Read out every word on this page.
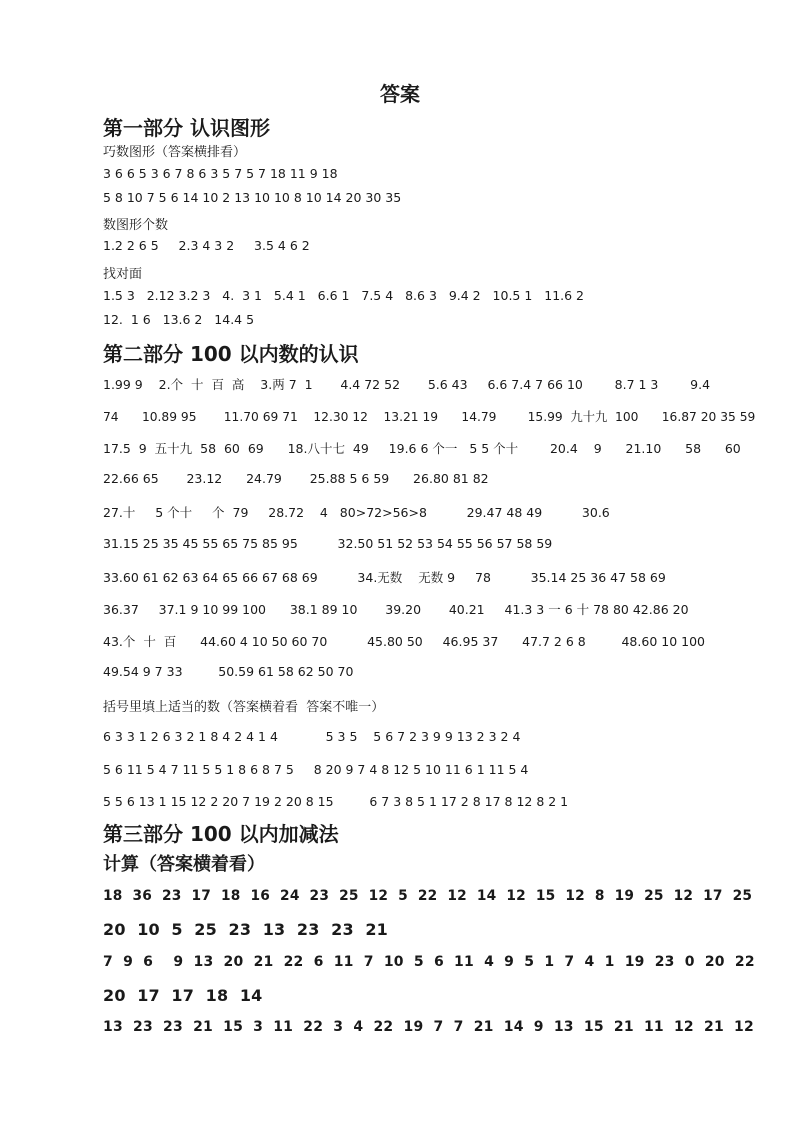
答案
第一部分 认识图形
巧数图形（答案横排看）
3 6 6 5 3 6 7 8 6 3 5 7 5 7 18 11 9 18
5 8 10 7 5 6 14 10 2 13 10 10 8 10 14 20 30 35
数图形个数
1.2 2 6 5     2.3 4 3 2     3.5 4 6 2
找对面
1.5 3   2.12 3.2 3   4.  3 1   5.4 1   6.6 1   7.5 4   8.6 3   9.4 2   10.5 1   11.6 2
12.  1 6   13.6 2   14.4 5
第二部分 100 以内数的认识
1.99 9    2.个  十  百  高    3.两 7  1       4.4 72 52       5.6 43     6.6 7.4 7 66 10        8.7 1 3        9.4
74      10.89 95       11.70 69 71    12.30 12    13.21 19      14.79        15.99  九十九  100      16.87 20 35 59
17.5  9  五十九  58  60  69      18.八十七  49     19.6 6 个一   5 5 个十        20.4    9      21.10      58      60
22.66 65       23.12      24.79       25.88 5 6 59      26.80 81 82
27.十     5 个十     个  79     28.72    4   80>72>56>8          29.47 48 49          30.6
31.15 25 35 45 55 65 75 85 95          32.50 51 52 53 54 55 56 57 58 59
33.60 61 62 63 64 65 66 67 68 69          34.无数    无数 9     78          35.14 25 36 47 58 69
36.37     37.1 9 10 99 100      38.1 89 10       39.20       40.21     41.3 3 一 6 十 78 80 42.86 20
43.个  十  百      44.60 4 10 50 60 70          45.80 50     46.95 37      47.7 2 6 8         48.60 10 100
49.54 9 7 33         50.59 61 58 62 50 70
括号里填上适当的数（答案横着看  答案不唯一）
6 3 3 1 2 6 3 2 1 8 4 2 4 1 4            5 3 5    5 6 7 2 3 9 9 13 2 3 2 4
5 6 11 5 4 7 11 5 5 1 8 6 8 7 5     8 20 9 7 4 8 12 5 10 11 6 1 11 5 4
5 5 6 13 1 15 12 2 20 7 19 2 20 8 15         6 7 3 8 5 1 17 2 8 17 8 12 8 2 1
第三部分 100 以内加减法
计算（答案横着看）
18  36  23  17  18  16  24  23  25  12  5  22  12  14  12  15  12  8  19  25  12  17  25
20  10  5  25  23  13  23  23  21
7  9  6    9  13  20  21  22  6  11  7  10  5  6  11  4  9  5  1  7  4  1  19  23  0  20  22
20  17  17  18  14
13  23  23  21  15  3  11  22  3  4  22  19  7  7  21  14  9  13  15  21  11  12  21  12
